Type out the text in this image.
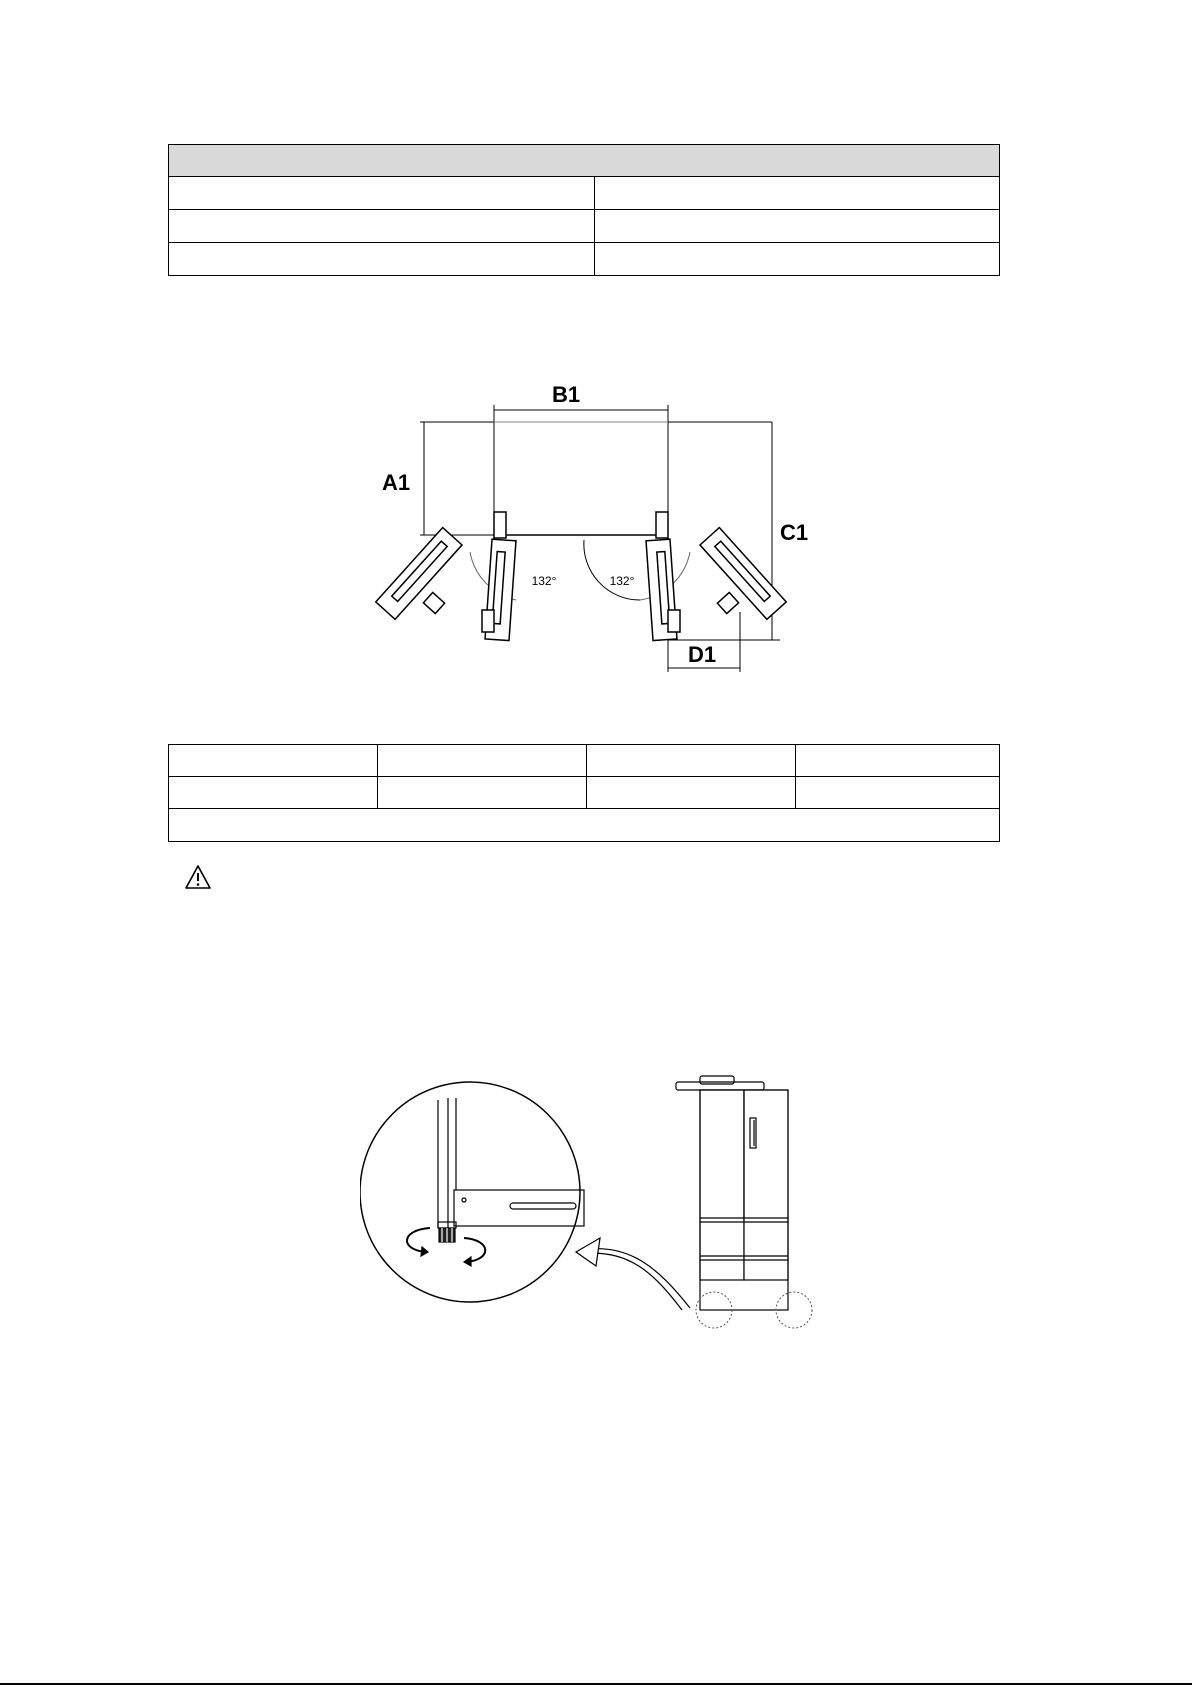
B1
A1
C1
D1
132°	132°
